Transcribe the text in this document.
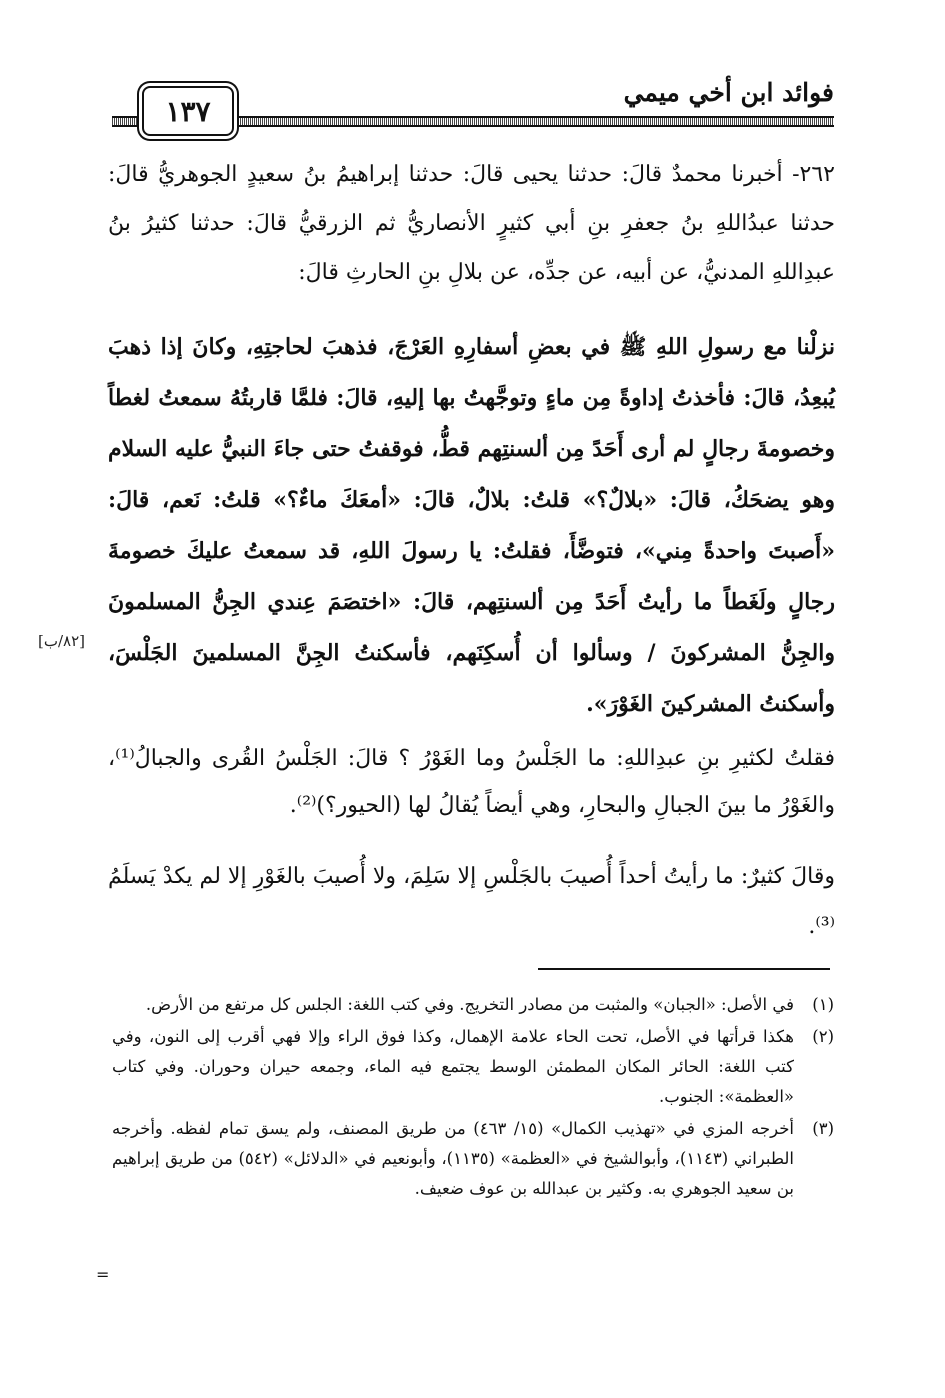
فوائد ابن أخي ميمي
١٣٧

٢٦٢- أخبرنا محمدٌ قالَ: حدثنا يحيى قالَ: حدثنا إبراهيمُ بنُ سعيدٍ الجوهريُّ قالَ: حدثنا عبدُاللهِ بنُ جعفرِ بنِ أبي كثيرٍ الأنصاريُّ ثم الزرقيُّ قالَ: حدثنا كثيرُ بنُ عبدِاللهِ المدنيُّ، عن أبيه، عن جدِّه، عن بلالِ بنِ الحارثِ قالَ:

نزلْنا مع رسولِ اللهِ ﷺ في بعضِ أسفارِهِ العَرْجَ، فذهبَ لحاجتِهِ، وكانَ إذا ذهبَ يُبعِدُ، قالَ: فأخذتُ إداوةً مِن ماءٍ وتوجَّهتُ بها إليهِ، قالَ: فلمَّا قاربتُهُ سمعتُ لغطاً وخصومةَ رجالٍ لم أرى أَحَدًَ مِن ألسنتِهم قطُّ، فوقفتُ حتى جاءَ النبيُّ عليه السلام وهو يضحَكُ، قالَ: «بلالٌ؟» قلتُ: بلالٌ، قالَ: «أمعَكَ ماءٌ؟» قلتُ: نَعم، قالَ: «أَصبتَ واحدةً مِني»، فتوضَّأَ، فقلتُ: يا رسولَ اللهِ، قد سمعتُ عليكَ خصومةَ رجالٍ ولَغَطاً ما رأيتُ أَحَدًَ مِن ألسنتِهم، قالَ: «اختصَمَ عِندي الجِنُّ المسلمونَ والجِنُّ المشركونَ / وسألوا أن أُسكِنَهم، فأسكنتُ الجِنَّ المسلمينَ الجَلْسَ، وأسكنتُ المشركينَ الغَوْرَ».

[٨٢/ب]

فقلتُ لكثيرِ بنِ عبدِاللهِ: ما الجَلْسُ وما الغَوْرُ ؟ قالَ: الجَلْسُ القُرى والجبالُ⁽¹⁾، والغَوْرُ ما بينَ الجبالِ والبحارِ، وهي أيضاً يُقالُ لها (الحيور؟)⁽²⁾.

وقالَ كثيرٌ: ما رأيتُ أحداً أُصيبَ بالجَلْسِ إلا سَلِمَ، ولا أُصيبَ بالغَوْرِ إلا لم يكدْ يَسلَمُ ⁽³⁾.

(١)
في الأصل: «الجبان» والمثبت من مصادر التخريج. وفي كتب اللغة: الجلس كل مرتفع من الأرض.
(٢)
هكذا قرأتها في الأصل، تحت الحاء علامة الإهمال، وكذا فوق الراء وإلا فهي أقرب إلى النون، وفي كتب اللغة: الحائر المكان المطمئن الوسط يجتمع فيه الماء، وجمعه حيران وحوران. وفي كتاب «العظمة»: الجنوب.
(٣)
أخرجه المزي في «تهذيب الكمال» (١٥/ ٤٦٣) من طريق المصنف، ولم يسق تمام لفظه. وأخرجه الطبراني (١١٤٣)، وأبوالشيخ في «العظمة» (١١٣٥)، وأبونعيم في «الدلائل» (٥٤٢) من طريق إبراهيم بن سعيد الجوهري به. وكثير بن عبدالله بن عوف ضعيف.
=
